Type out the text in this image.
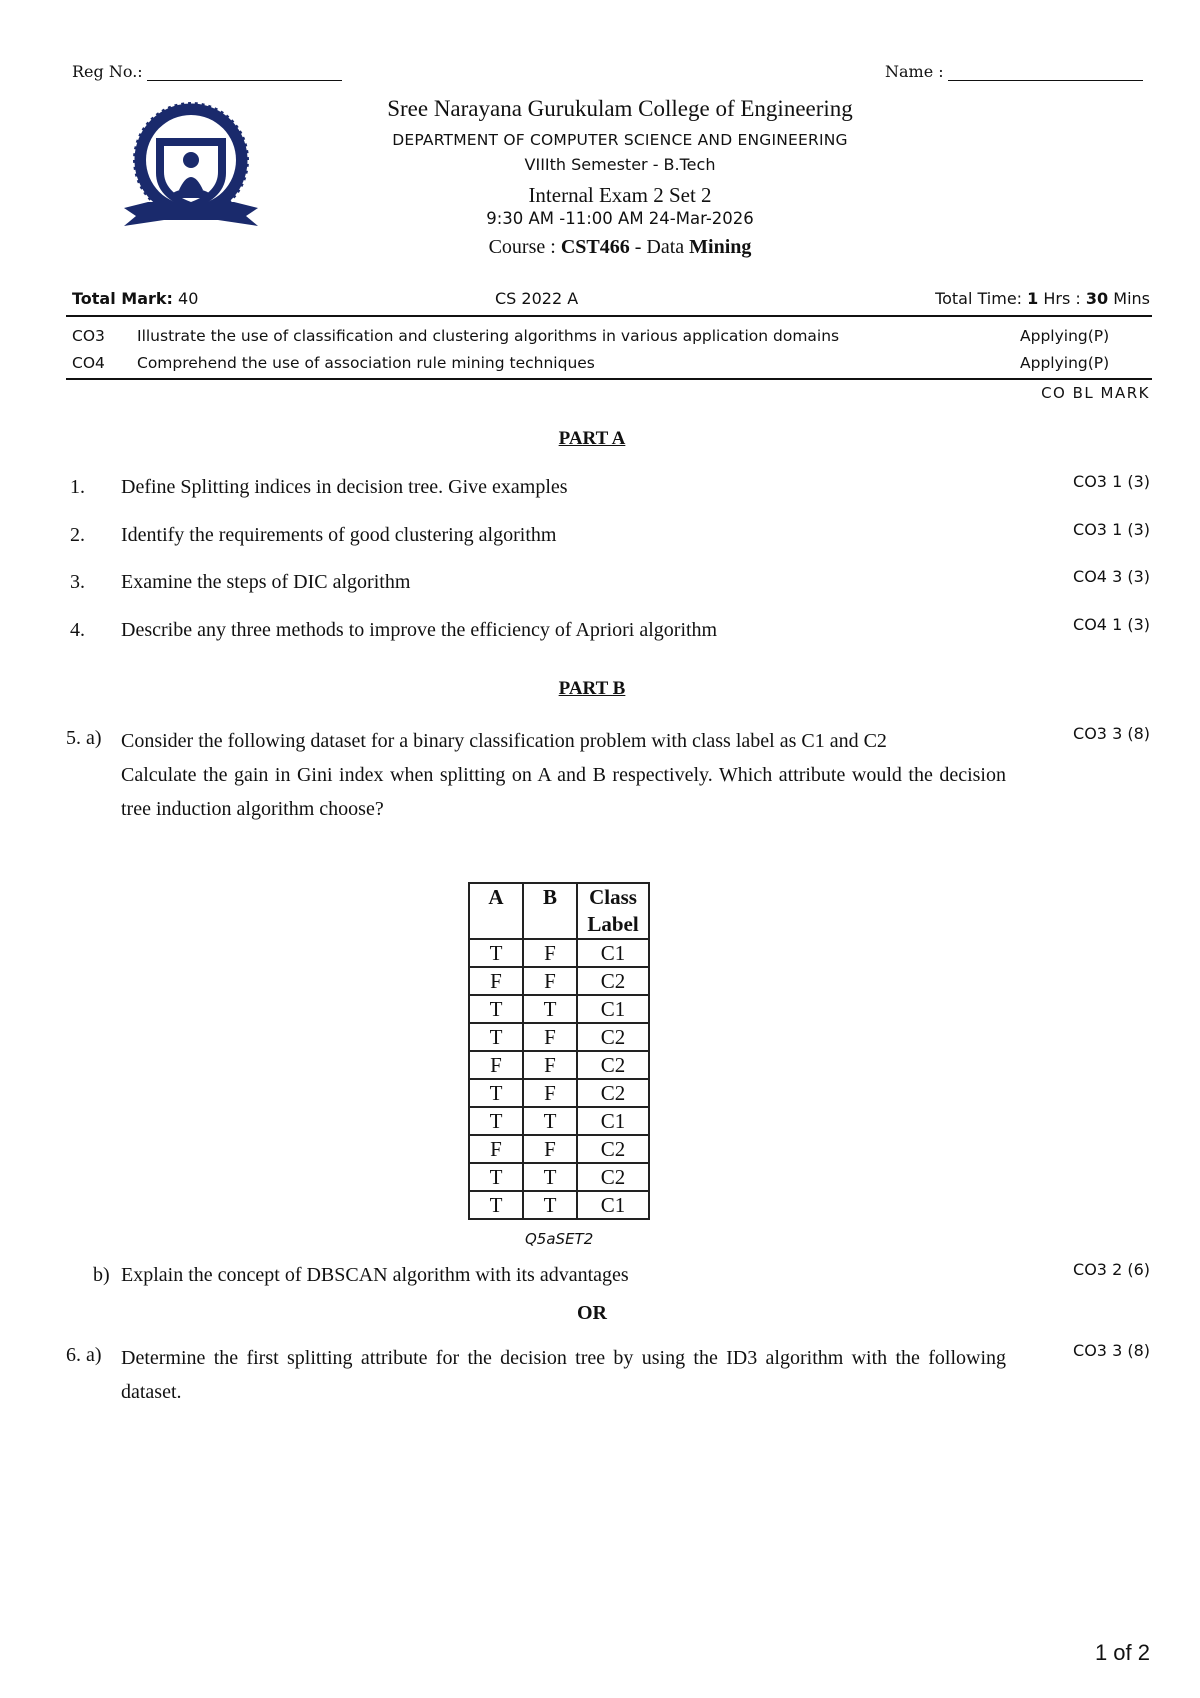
Reg No.:	Name :
Sree Narayana Gurukulam College of Engineering
DEPARTMENT OF COMPUTER SCIENCE AND ENGINEERING
VIIIth Semester - B.Tech
Internal Exam 2 Set 2
9:30 AM -11:00 AM 24-Mar-2026
Course : CST466 - Data Mining
Total Mark: 40	CS 2022 A	Total Time: 1 Hrs : 30 Mins
CO3 Illustrate the use of classification and clustering algorithms in various application domains	Applying(P)
CO4 Comprehend the use of association rule mining techniques	Applying(P)
CO BL MARK
PART A
1. Define Splitting indices in decision tree. Give examples	CO3 1 (3)
2. Identify the requirements of good clustering algorithm	CO3 1 (3)
3. Examine the steps of DIC algorithm	CO4 3 (3)
4. Describe any three methods to improve the efficiency of Apriori algorithm	CO4 1 (3)
PART B
5. a) Consider the following dataset for a binary classification problem with class label as C1 and C2

Calculate the gain in Gini index when splitting on A and B respectively. Which attribute would the decision tree induction algorithm choose?

CO3 3 (8)
A	B	Class Label
T	F	C1
F	F	C2
T	T	C1
T	F	C2
F	F	C2
T	F	C2
T	T	C1
F	F	C2
T	T	C2
T	T	C1
Q5aSET2
b) Explain the concept of DBSCAN algorithm with its advantages	CO3 2 (6)
OR
6. a) Determine the first splitting attribute for the decision tree by using the ID3 algorithm with the following dataset.
CO3 3 (8)
1 of 2
